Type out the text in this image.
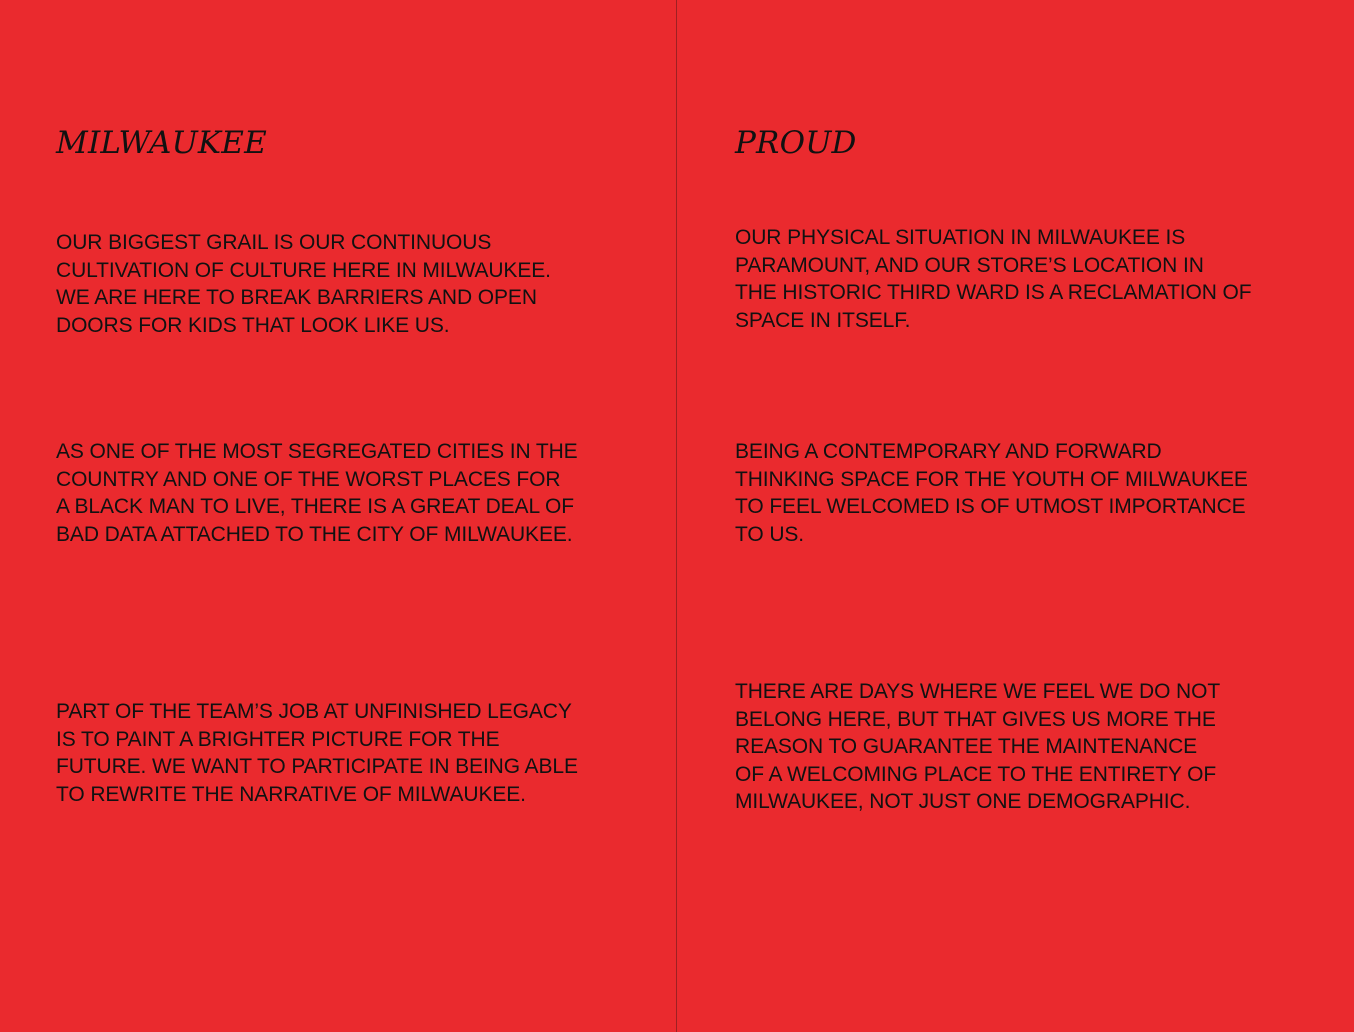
MILWAUKEE

OUR BIGGEST GRAIL IS OUR CONTINUOUS
CULTIVATION OF CULTURE HERE IN MILWAUKEE.
WE ARE HERE TO BREAK BARRIERS AND OPEN
DOORS FOR KIDS THAT LOOK LIKE US.

AS ONE OF THE MOST SEGREGATED CITIES IN THE
COUNTRY AND ONE OF THE WORST PLACES FOR
A BLACK MAN TO LIVE, THERE IS A GREAT DEAL OF
BAD DATA ATTACHED TO THE CITY OF MILWAUKEE.

PART OF THE TEAM’S JOB AT UNFINISHED LEGACY
IS TO PAINT A BRIGHTER PICTURE FOR THE
FUTURE. WE WANT TO PARTICIPATE IN BEING ABLE
TO REWRITE THE NARRATIVE OF MILWAUKEE.

PROUD

OUR PHYSICAL SITUATION IN MILWAUKEE IS
PARAMOUNT, AND OUR STORE’S LOCATION IN
THE HISTORIC THIRD WARD IS A RECLAMATION OF
SPACE IN ITSELF.

BEING A CONTEMPORARY AND FORWARD
THINKING SPACE FOR THE YOUTH OF MILWAUKEE
TO FEEL WELCOMED IS OF UTMOST IMPORTANCE
TO US.

THERE ARE DAYS WHERE WE FEEL WE DO NOT
BELONG HERE, BUT THAT GIVES US MORE THE
REASON TO GUARANTEE THE MAINTENANCE
OF A WELCOMING PLACE TO THE ENTIRETY OF
MILWAUKEE, NOT JUST ONE DEMOGRAPHIC.
